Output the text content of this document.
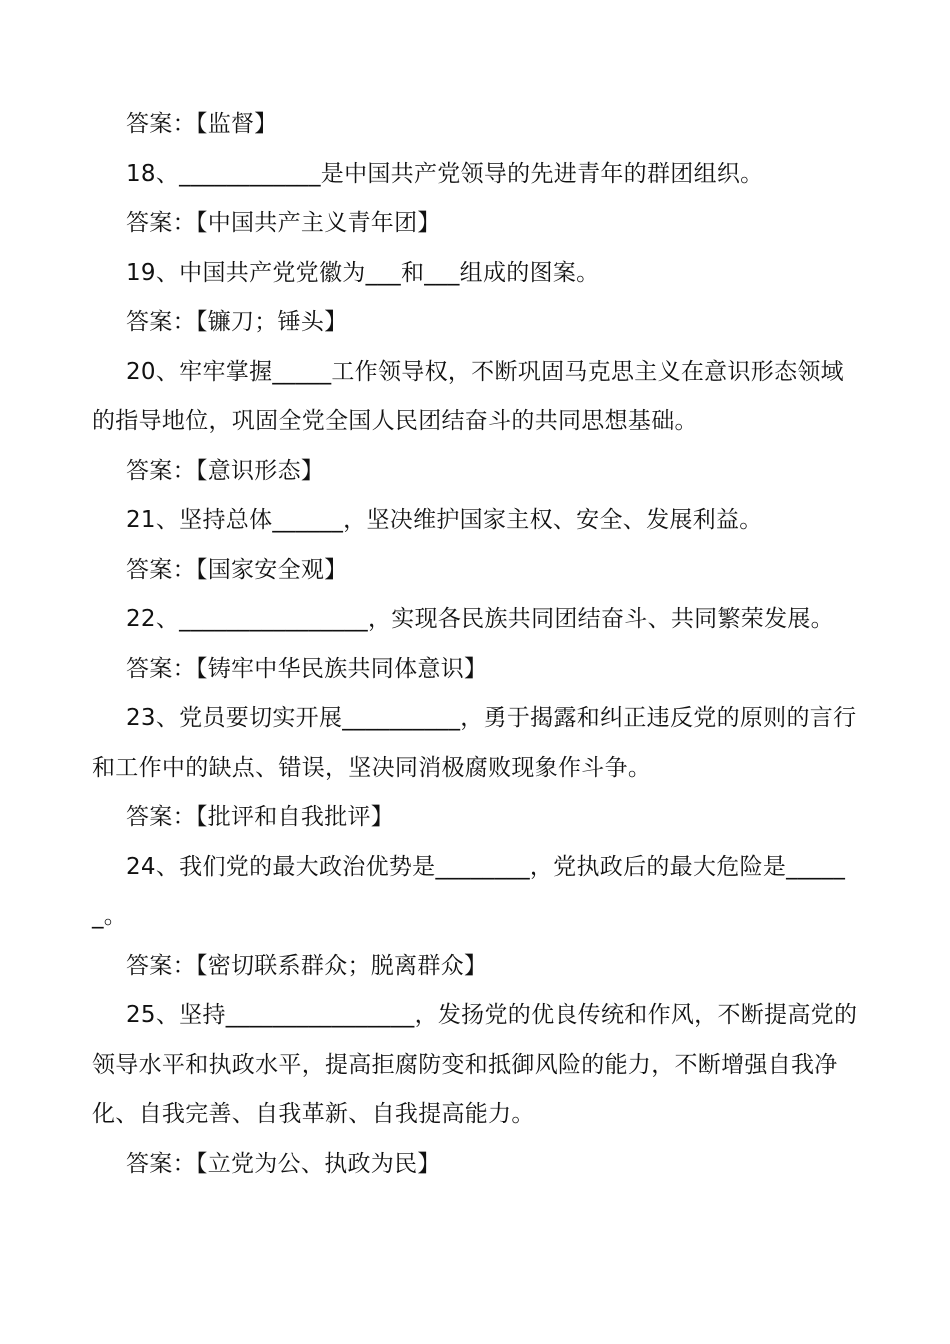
答案：【监督】

18、____________是中国共产党领导的先进青年的群团组织。

答案：【中国共产主义青年团】

19、中国共产党党徽为___和___组成的图案。

答案：【镰刀；锤头】

20、牢牢掌握_____工作领导权，不断巩固马克思主义在意识形态领域的指导地位，巩固全党全国人民团结奋斗的共同思想基础。

答案：【意识形态】

21、坚持总体______，坚决维护国家主权、安全、发展利益。

答案：【国家安全观】

22、________________，实现各民族共同团结奋斗、共同繁荣发展。

答案：【铸牢中华民族共同体意识】

23、党员要切实开展__________，勇于揭露和纠正违反党的原则的言行和工作中的缺点、错误，坚决同消极腐败现象作斗争。

答案：【批评和自我批评】

24、我们党的最大政治优势是________，党执政后的最大危险是______。

答案：【密切联系群众；脱离群众】

25、坚持________________，发扬党的优良传统和作风，不断提高党的领导水平和执政水平，提高拒腐防变和抵御风险的能力，不断增强自我净化、自我完善、自我革新、自我提高能力。

答案：【立党为公、执政为民】
